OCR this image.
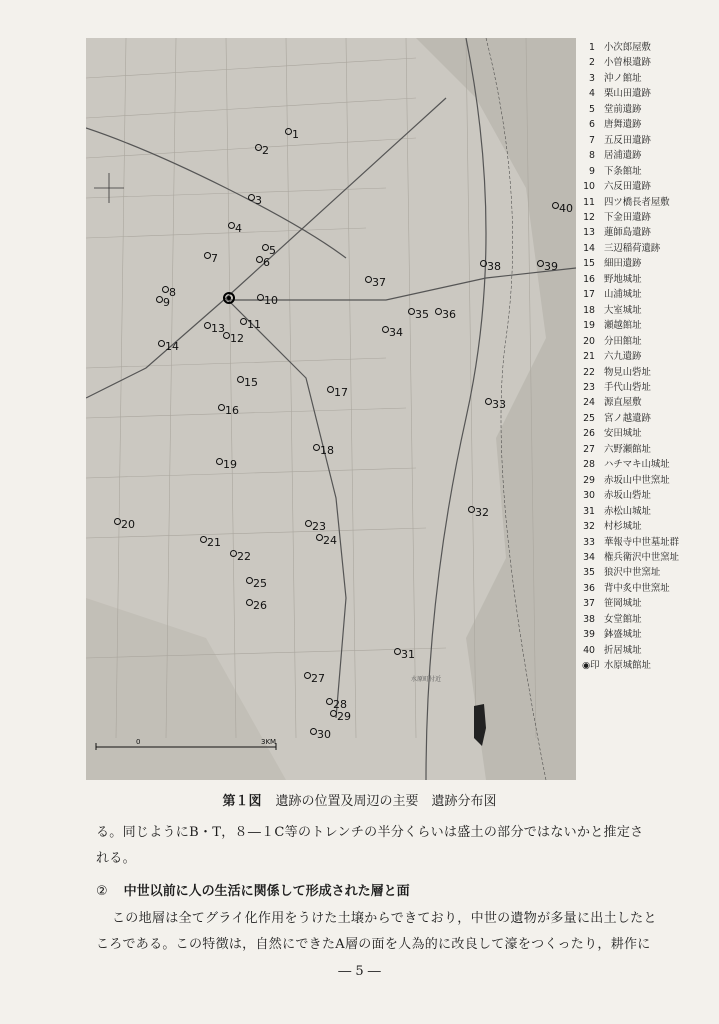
1
2
3
4
5
6
7
8
9	10
11
12
13
14
15
16
17
18
19
20
21
22
23
24
25
26
27
28
29
30
31
32
33
34
35 36
37
38	39
40
0	3KM
水原町付近
1 小次郎屋敷
2 小曽根遺跡
3 沖ノ館址
4 栗山田遺跡
5 堂前遺跡
6 唐舞遺跡
7 五反田遺跡
8 居浦遺跡
9 下条館址
10 六反田遺跡
11 四ツ橋長者屋敷
12 下金田遺跡
13 蓮師島遺跡
14 三辺稲荷遺跡
15 細田遺跡
16 野地城址
17 山浦城址
18 大室城址
19 瀬越館址
20 分田館址
21 六九遺跡
22 物見山砦址
23 手代山砦址
24 源直屋敷
25 宮ノ越遺跡
26 安田城址
27 六野瀬館址
28 ハチマキ山城址
29 赤坂山中世窯址
30 赤坂山砦址
31 赤松山城址
32 村杉城址
33 華報寺中世墓址群
34 権兵衛沢中世窯址
35 狼沢中世窯址
36 背中炙中世窯址
37 笹岡城址
38 女堂館址
39 鉢盛城址
40 折居城址
◉印 水原城館址
第１図 遺跡の位置及周辺の主要　遺跡分布図
る。同じようにB・T，８―１C等のトレンチの半分くらいは盛土の部分ではないかと推定さ
れる。
② 中世以前に人の生活に関係して形成された層と面
この地層は全てグライ化作用をうけた土壌からできており，中世の遺物が多量に出土したと
ころである。この特徴は，自然にできたA層の面を人為的に改良して濠をつくったり，耕作に
― 5 ―
